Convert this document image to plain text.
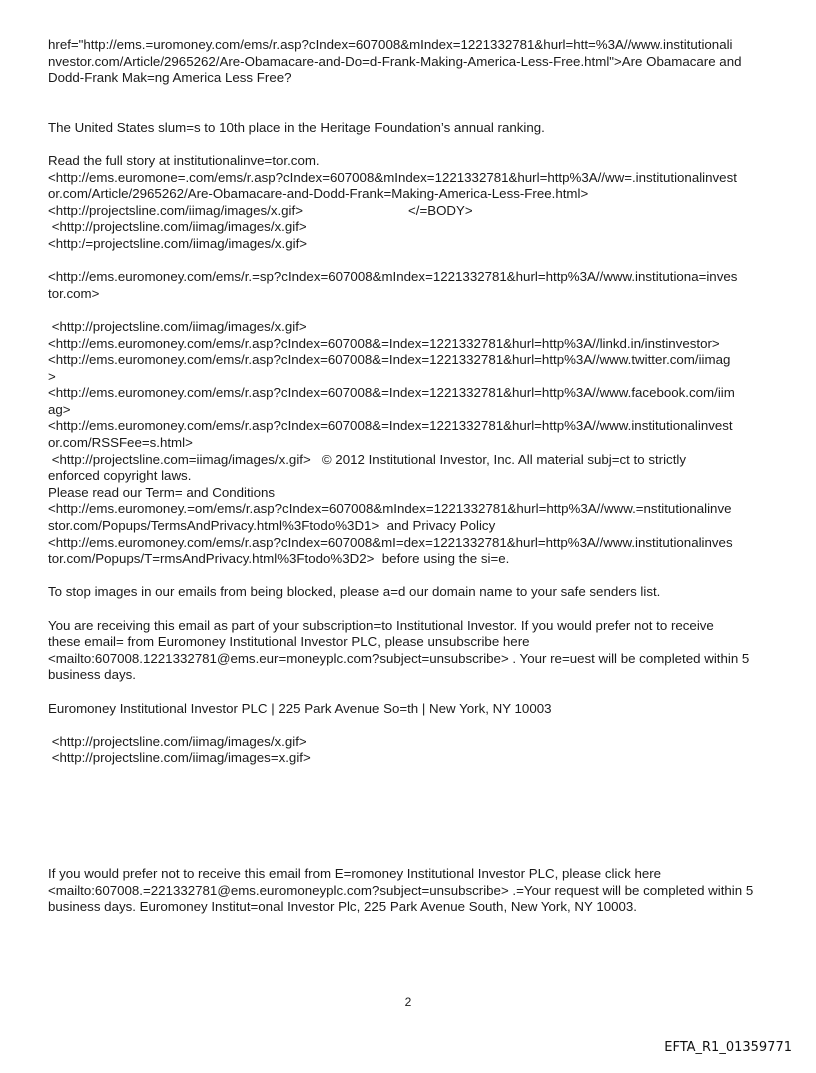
href="http://ems.=uromoney.com/ems/r.asp?cIndex=607008&mIndex=1221332781&hurl=htt=%3A//www.institutionali
nvestor.com/Article/2965262/Are-Obamacare-and-Do=d-Frank-Making-America-Less-Free.html">Are Obamacare and
Dodd-Frank Mak=ng America Less Free?
The United States slum=s to 10th place in the Heritage Foundation’s annual ranking.
Read the full story at institutionalinve=tor.com.
<http://ems.euromone=.com/ems/r.asp?cIndex=607008&mIndex=1221332781&hurl=http%3A//ww=.institutionalinvest
or.com/Article/2965262/Are-Obamacare-and-Dodd-Frank=Making-America-Less-Free.html>
<http://projectsline.com/iimag/images/x.gif>	</=BODY>
<http://projectsline.com/iimag/images/x.gif>
<http:/=projectsline.com/iimag/images/x.gif>
<http://ems.euromoney.com/ems/r.=sp?cIndex=607008&mIndex=1221332781&hurl=http%3A//www.institutiona=inves
tor.com>
<http://projectsline.com/iimag/images/x.gif>
<http://ems.euromoney.com/ems/r.asp?cIndex=607008&=Index=1221332781&hurl=http%3A//linkd.in/instinvestor>
<http://ems.euromoney.com/ems/r.asp?cIndex=607008&=Index=1221332781&hurl=http%3A//www.twitter.com/iimag
>
<http://ems.euromoney.com/ems/r.asp?cIndex=607008&=Index=1221332781&hurl=http%3A//www.facebook.com/iim
ag>
<http://ems.euromoney.com/ems/r.asp?cIndex=607008&=Index=1221332781&hurl=http%3A//www.institutionalinvest
or.com/RSSFee=s.html>
<http://projectsline.com=iimag/images/x.gif>   © 2012 Institutional Investor, Inc. All material subj=ct to strictly
enforced copyright laws.
Please read our Term= and Conditions
<http://ems.euromoney.=om/ems/r.asp?cIndex=607008&mIndex=1221332781&hurl=http%3A//www.=nstitutionalinve
stor.com/Popups/TermsAndPrivacy.html%3Ftodo%3D1>  and Privacy Policy
<http://ems.euromoney.com/ems/r.asp?cIndex=607008&mI=dex=1221332781&hurl=http%3A//www.institutionalinves
tor.com/Popups/T=rmsAndPrivacy.html%3Ftodo%3D2>  before using the si=e.
To stop images in our emails from being blocked, please a=d our domain name to your safe senders list.
You are receiving this email as part of your subscription=to Institutional Investor. If you would prefer not to receive
these email= from Euromoney Institutional Investor PLC, please unsubscribe here
<mailto:607008.1221332781@ems.eur=moneyplc.com?subject=unsubscribe> . Your re=uest will be completed within 5
business days.
Euromoney Institutional Investor PLC | 225 Park Avenue So=th | New York, NY 10003
<http://projectsline.com/iimag/images/x.gif>
<http://projectsline.com/iimag/images=x.gif>
If you would prefer not to receive this email from E=romoney Institutional Investor PLC, please click here
<mailto:607008.=221332781@ems.euromoneyplc.com?subject=unsubscribe> .=Your request will be completed within 5
business days. Euromoney Institut=onal Investor Plc, 225 Park Avenue South, New York, NY 10003.
2
EFTA_R1_01359771
